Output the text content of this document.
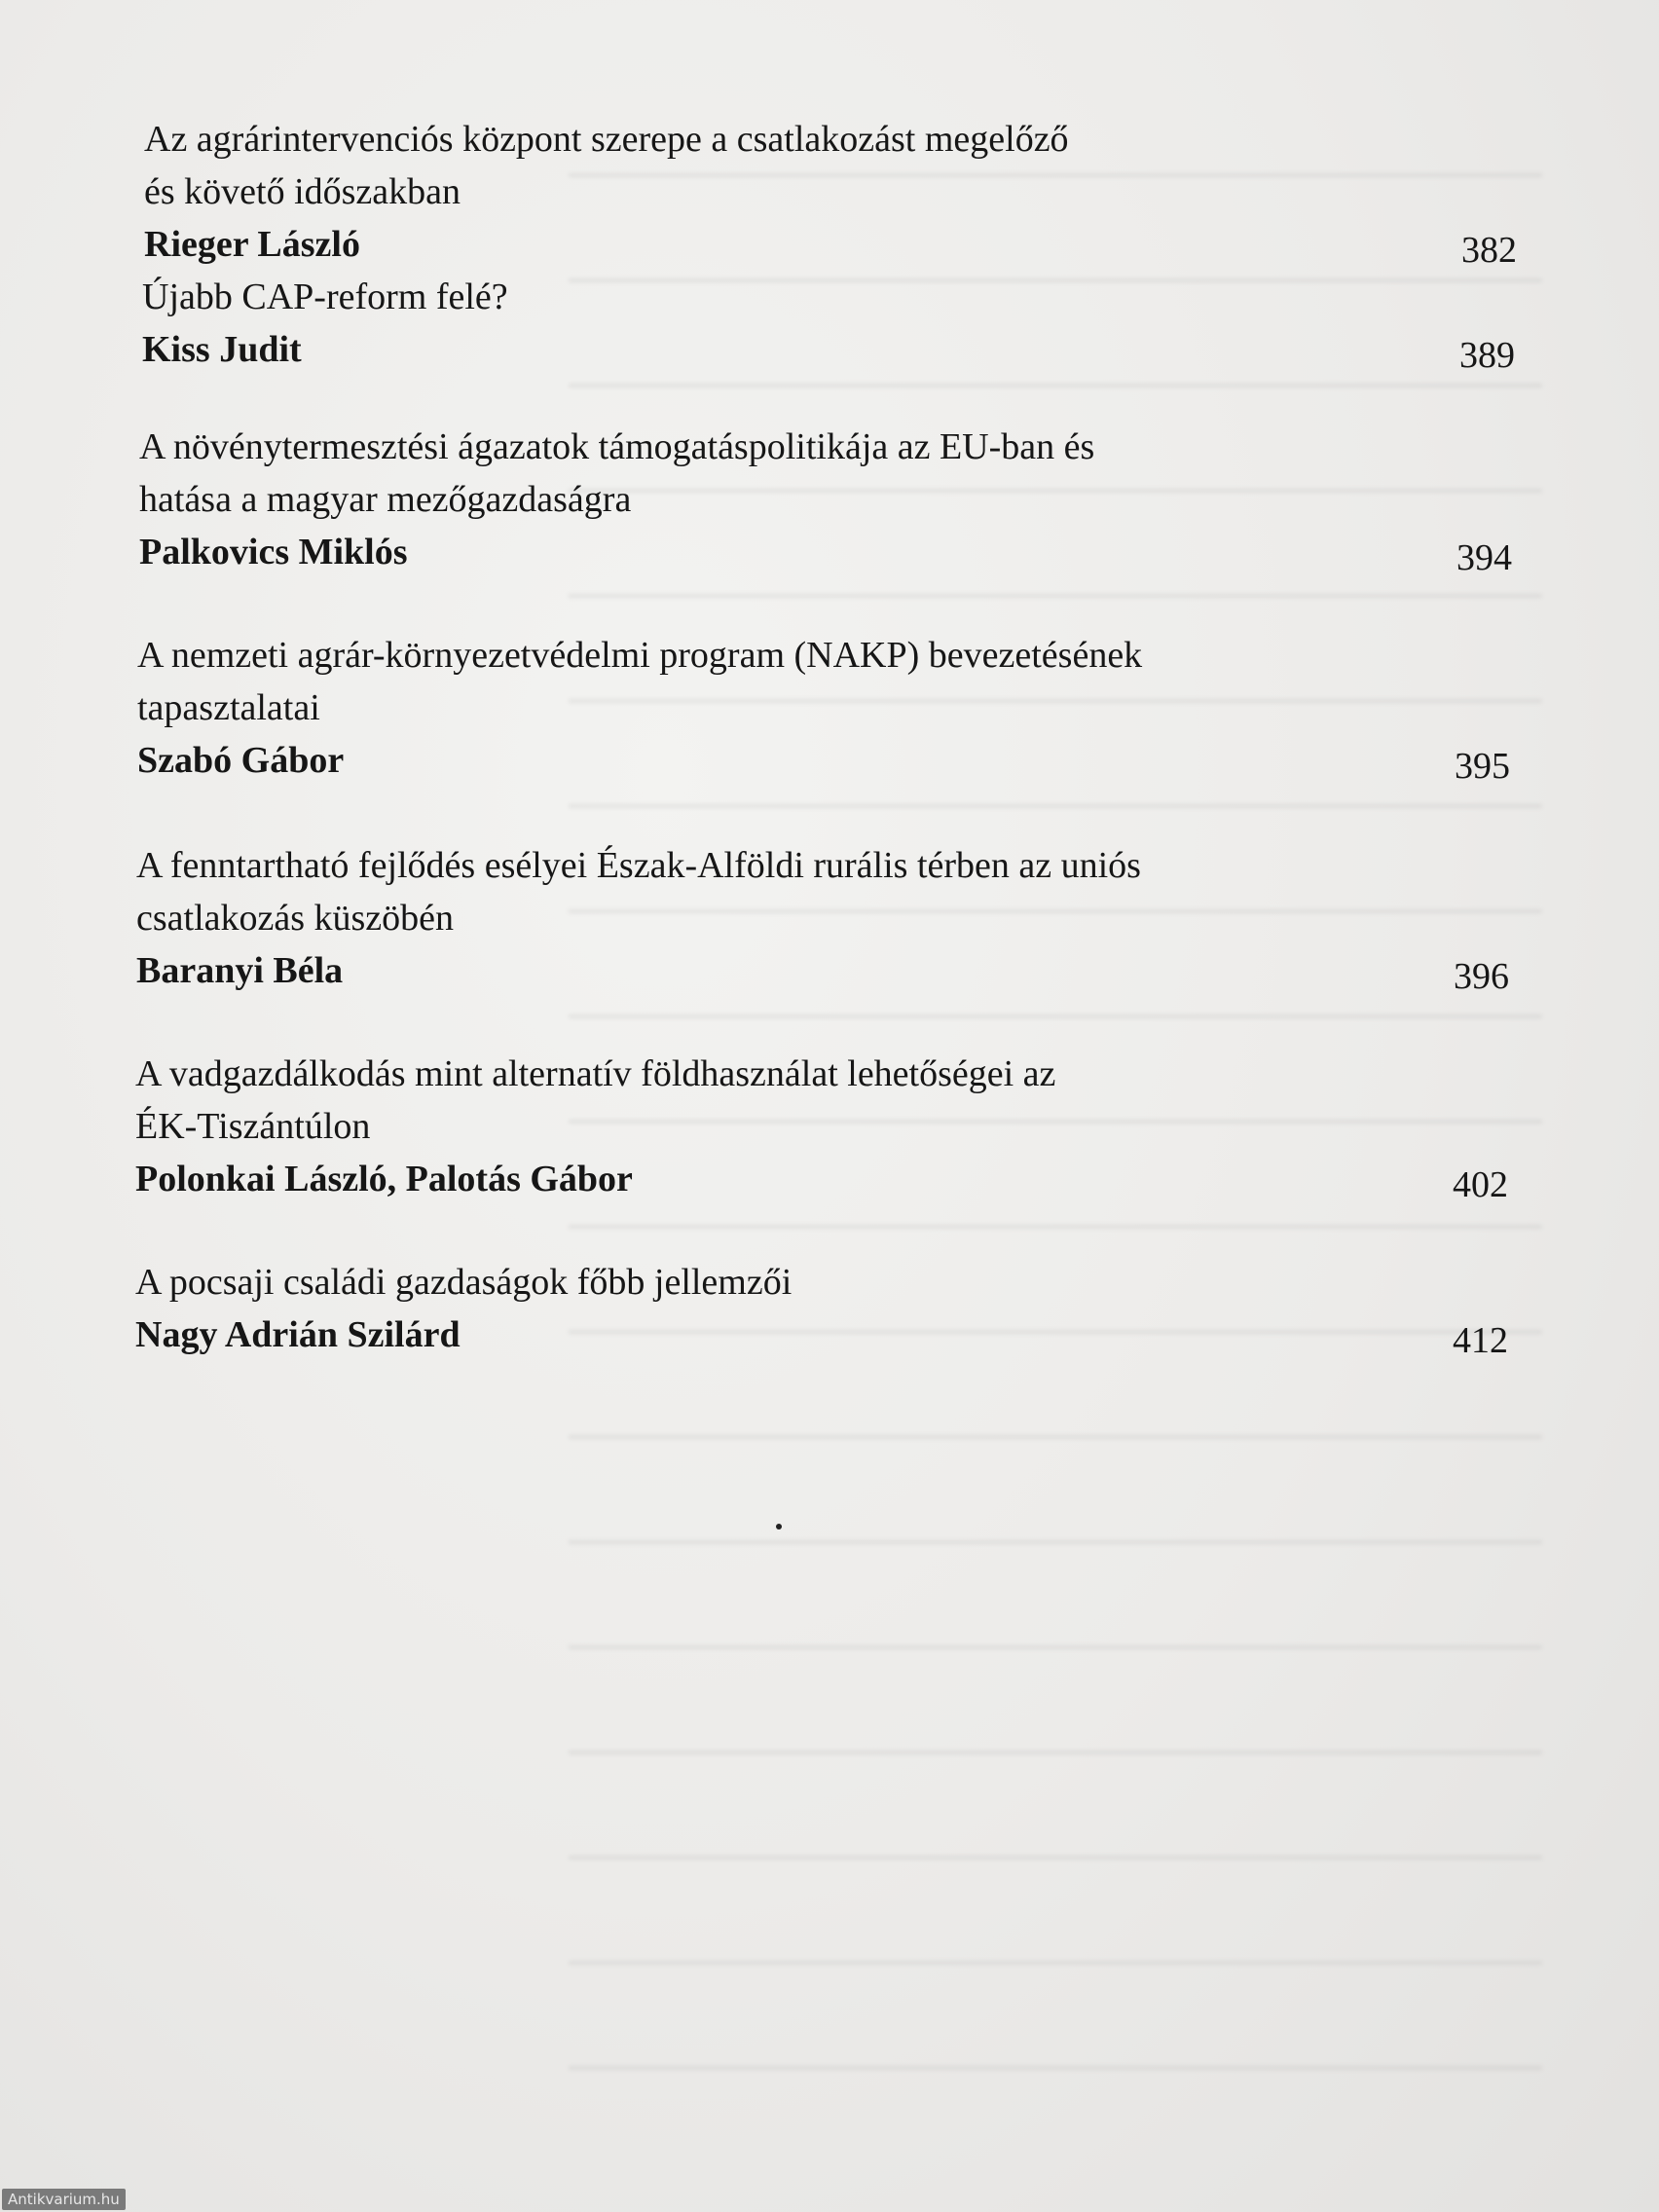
Az agrárintervenciós központ szerepe a csatlakozást megelőző
és követő időszakban
Rieger László	382
Újabb CAP-reform felé?
Kiss Judit	389
A növénytermesztési ágazatok támogatáspolitikája az EU-ban és
hatása a magyar mezőgazdaságra
Palkovics Miklós	394
A nemzeti agrár-környezetvédelmi program (NAKP) bevezetésének
tapasztalatai
Szabó Gábor	395
A fenntartható fejlődés esélyei Észak-Alföldi rurális térben az uniós
csatlakozás küszöbén
Baranyi Béla	396
A vadgazdálkodás mint alternatív földhasználat lehetőségei az
ÉK-Tiszántúlon
Polonkai László, Palotás Gábor	402
A pocsaji családi gazdaságok főbb jellemzői
Nagy Adrián Szilárd	412
Antikvarium.hu
